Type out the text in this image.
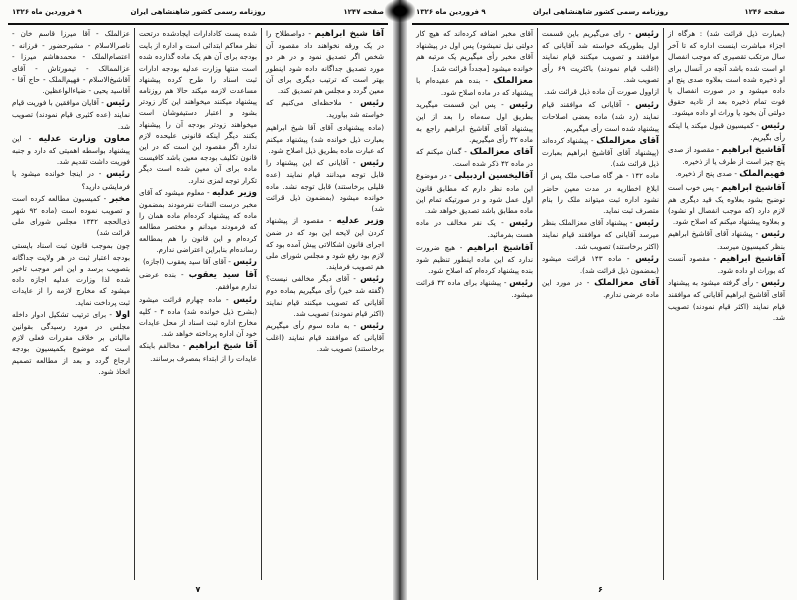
صفحه ۱۲۴۷
روزنامه رسمی کشور شاهنشاهی ایران
۹ فروردین ماه ۱۳۲۶

آقا شیخ ابراهیم - دواصطلاح را در یک ورقه نخواهند داد مقصود آن شخص اگر تصدیق نمود و در هر دو مورد تصدیق جداگانه داده شود اینطور بهتر است که ترتیب دیگری برای آن معین گردد و مجلس هم تصدیق کند.

رئیس - ملاحظه‌ای می‌کنیم که خواسته شد بیاورید.

(ماده پیشنهادی آقای آقا شیخ ابراهیم بعبارت ذیل خوانده شد) پیشنهاد میکنم که عبارت ماده بطریق ذیل اصلاح شود.

رئیس - آقایانی که این پیشنهاد را قابل توجه میدانند قیام نمایند (عده قلیلی برخاستند) قابل توجه نشد. ماده خوانده میشود (بمضمون ذیل قرائت شد)

وزیر عدلیه - مقصود از پیشنهاد کردن این لایحه این بود که در ضمن اجرای قانون اشکالاتی پیش آمده بود که لازم بود رفع شود و مجلس شورای ملی هم تصویب فرمایند.

رئیس - آقای دیگر مخالفی نیست؟ (گفته شد خیر) رأی میگیریم بماده دوم آقایانی که تصویب میکنند قیام نمایند (اکثر قیام نمودند) تصویب شد.

رئیس - به ماده سوم رأی میگیریم آقایانی که موافقند قیام نمایند (اغلب برخاستند) تصویب شد.

شده پست کادادارات ایجادشده درتحت نظر معاکم ابتدائی است و اداره از بایت بودجه برای آن هم یک ماده گذارده شده است منتها وزارت عدلیه بودجه ادارات ثبت اسناد را طرح کرده پیشنهاد مساعدت لازمه میکند حالا هم روزنامه پیشنهاد میکنند میخواهند این کار زودتر بشود و اعتبار دستیفوشان است میخواهند زودتر بودجه آن را پیشنهاد بکنند دیگر اینکه قانونی علیحده لازم ندارد اگر مقصود این است که در این قانون تکلیف بودجه معین باشد کافیست ماده برای آن معین شده است دیگر تکرار توجه لمزی ندارد.

وزیر عدلیه - معلوم میشود که آقای مخبر درست التفات نفرمودند بمضمون ماده که پیشنهاد کرده‌ام ماده همان را که فرمودند میدانم و مختصر مطالعه کرده‌ام و این قانون را هم بمطالعه رسانده‌ام بنابراین اعتراضی ندارم.

رئیس - آقای آقا سید یعقوب (اجازه)

آقا سید یعقوب - بنده عرضی ندارم موافقم.

رئیس - ماده چهارم قرائت میشود (بشرح ذیل خوانده شد) ماده ۴ - کلیه مخارج اداره ثبت اسناد از محل عایدات خود آن اداره پرداخته خواهد شد.

آقا شیخ ابراهیم - مخالفم باینکه عایدات را از ابتداء بمصرف برسانند.

عزالملک - آقا میرزا قاسم خان - ناصرالاسلام - مشیرحضور - فرزانه - اعتصام‌الملک - محمدهاشم میرزا - عزالممالک - تیمورتاش - آقای آقاشیخ‌الاسلام - فهیم‌الملک - حاج آقا - آقاسید یحیی - ضیاءالواعظین.

رئیس - آقایان موافقین با فوریت قیام نمایند (عده کثیری قیام نمودند) تصویب شد.

معاون وزارت عدلیه - این پیشنهاد بواسطه اهمیتی که دارد و جنبه فوریت داشت تقدیم شد.

رئیس - در اینجا خوانده میشود یا فرمایشی دارید؟

مخبر - کمیسیون مطالعه کرده است و تصویب نموده است (ماده ۹۲ شهر ذی‌الحجه ۱۳۴۲ مجلس شورای ملی قرائت شد)

چون بموجب قانون ثبت اسناد بایستی بودجه اعتبار ثبت در هر ولایت جداگانه بتصویب برسد و این امر موجب تاخیر شده لذا وزارت عدلیه اجازه داده میشود که مخارج لازمه را از عایدات ثبت پرداخت نماید.

اولا - برای ترتیب تشکیل ادوار داخله مجلس در مورد رسیدگی بقوانین مالیاتی بر خلاف مقررات فعلی لازم است که موضوع بکمیسیون بودجه ارجاع گردد و بعد از مطالعه تصمیم اتخاذ شود.

۷
صفحه ۱۲۴۶
روزنامه رسمی کشور شاهنشاهی ایران
۹ فروردین ماه ۱۳۲۶

(بعبارت ذیل قرائت شد) : هرگاه از اجزاء مباشرت اینست اداره که تا آخر سال مرتکب تقصیری که موجب انفصال او است شده باشد آنچه در آنسال برای او ذخیره شده است بعلاوه صدی پنج او داده میشود و در صورت انفصال یا فوت تمام ذخیره بعد از تادیه حقوق دولتی آن بخود یا وراث او داده میشود.

رئیس - کمیسیون قبول میکند یا اینکه رأی بگیریم.

آقاشیخ ابراهیم - مقصود از صدی پنج چیز است از طرف یا از ذخیره.

فهیم‌الملک - صدی پنج از ذخیره.

آقاشیخ ابراهیم - پس خوب است توضیح بشود بعلاوه یک قید دیگری هم لازم دارد (که موجب انفصال او نشود) و بعلاوه پیشنهاد میکنم که اصلاح شود.

رئیس - پیشنهاد آقای آقاشیخ ابراهیم بنظر کمیسیون میرسد.

آقاشیخ ابراهیم - مقصود آنست که بوراث او داده شود.

رئیس - رأی گرفته میشود به پیشنهاد آقای آقاشیخ ابراهیم آقایانی که موافقند قیام نمایند (اکثر قیام نمودند) تصویب شد.

رئیس - رای می‌گیریم باین قسمت اول بطوریکه خواسته شد آقایانی که موافقند و تصویب میکنند قیام نمایند (اغلب قیام نمودند) باکثریت ۶۹ رأی تصویب شد.

ازاوول صورت آن ماده ذیل قرائت شد.

رئیس - آقایانی که موافقند قیام نمایند (رد شد) ماده بعضی اصلاحات پیشنهاد شده است رأی میگیریم.

آقای معزالملک - پیشنهاد کرده‌اند (پیشنهاد آقای آقاشیخ ابراهیم بعبارت ذیل قرائت شد).

ماده ۱۴۲ - هر گاه صاحب ملک پس از ابلاغ اخطاریه در مدت معین حاضر نشود اداره ثبت میتواند ملک را بنام متصرف ثبت نماید.

رئیس - پیشنهاد آقای معزالملک بنظر میرسد آقایانی که موافقند قیام نمایند (اکثر برخاستند) تصویب شد.

رئیس - ماده ۱۴۳ قرائت میشود (بمضمون ذیل قرائت شد).

آقای معزالملک - در مورد این ماده عرضی ندارم.

آقای مخبر اضافه کرده‌اند که هیچ کار دولتی نیل نمیشود) پس اول در پیشنهاد آقای مخبر رأی میگیریم یک مرتبه هم خوانده میشود [مجدداً قرائت شد].

معزالملک - بنده هم عقیده‌ام با پیشنهاد که در ماده اصلاح شود.

رئیس - پس این قسمت میگیرید بطریق اول سه‌ماه را بعد از این پیشنهاد آقای آقاشیخ ابراهیم راجع به ماده ۴۲ رأی میگیریم.

آقای معزالملک - گمان میکنم که در ماده ۴۲ ذکر شده است.

آقالیخسین اردبیلی - در موضوع این ماده نظر دارم که مطابق قانون اول عمل شود و در صورتیکه تمام این ماده مطابق باشد تصدیق خواهد شد.

رئیس - یک نفر مخالف در ماده هست بفرمائید.

آقاشیخ ابراهیم - هیچ ضرورت ندارد که این ماده اینطور تنظیم شود بنده پیشنهاد کرده‌ام که اصلاح شود.

رئیس - پیشنهاد برای ماده ۴۲ قرائت میشود.

۶
